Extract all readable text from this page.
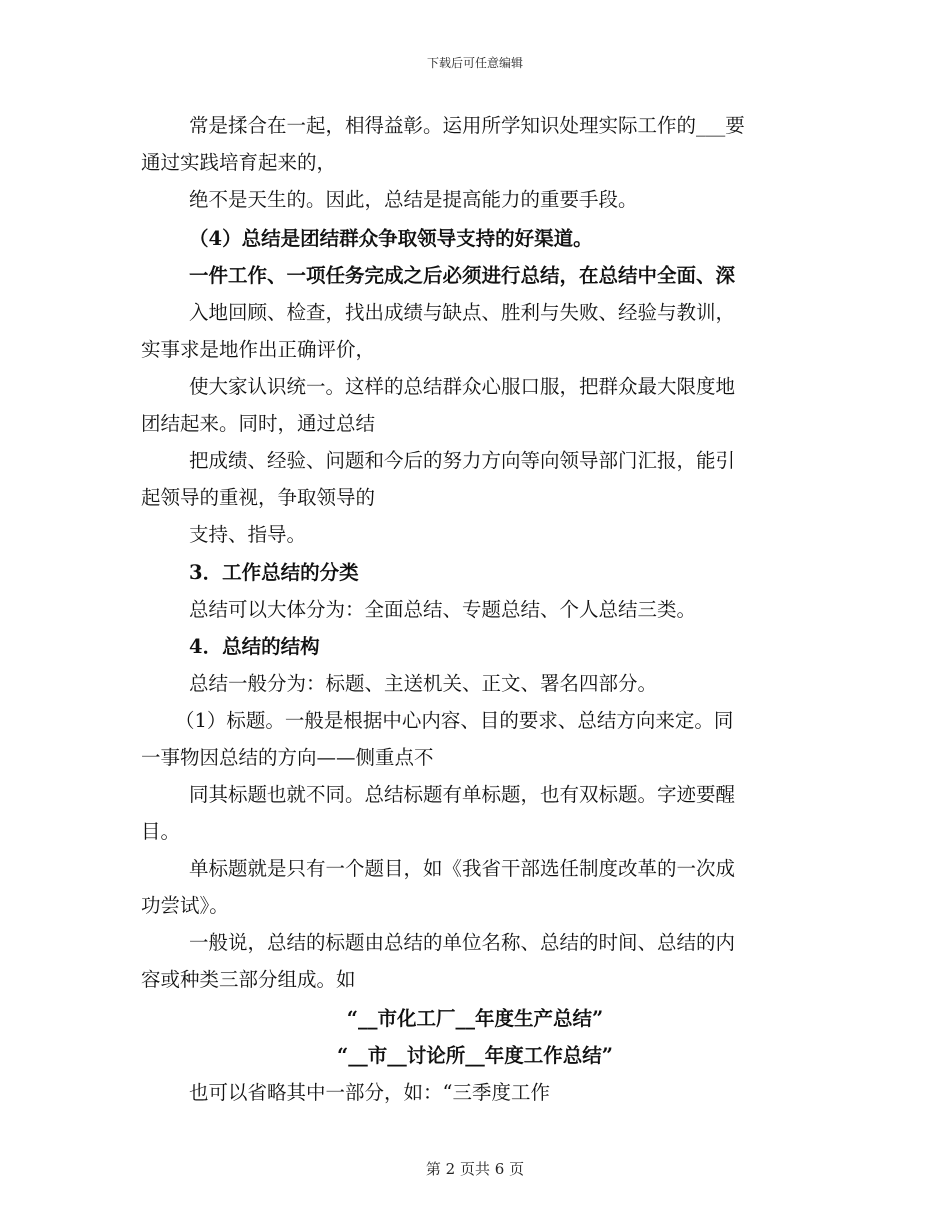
下载后可任意编辑
常是揉合在一起，相得益彰。运用所学知识处理实际工作的___要
通过实践培育起来的，
绝不是天生的。因此，总结是提高能力的重要手段。
（4）总结是团结群众争取领导支持的好渠道。
一件工作、一项任务完成之后必须进行总结，在总结中全面、深
入地回顾、检查，找出成绩与缺点、胜利与失败、经验与教训，
实事求是地作出正确评价，
使大家认识统一。这样的总结群众心服口服，把群众最大限度地
团结起来。同时，通过总结
把成绩、经验、问题和今后的努力方向等向领导部门汇报，能引
起领导的重视，争取领导的
支持、指导。
3．工作总结的分类
总结可以大体分为：全面总结、专题总结、个人总结三类。
4．总结的结构
总结一般分为：标题、主送机关、正文、署名四部分。
（1）标题。一般是根据中心内容、目的要求、总结方向来定。同
一事物因总结的方向——侧重点不
同其标题也就不同。总结标题有单标题，也有双标题。字迹要醒
目。
单标题就是只有一个题目，如《我省干部选任制度改革的一次成
功尝试》。
一般说，总结的标题由总结的单位名称、总结的时间、总结的内
容或种类三部分组成。如
“__市化工厂__年度生产总结”
“__市__讨论所__年度工作总结”
也可以省略其中一部分，如：“三季度工作
第 2 页共 6 页
